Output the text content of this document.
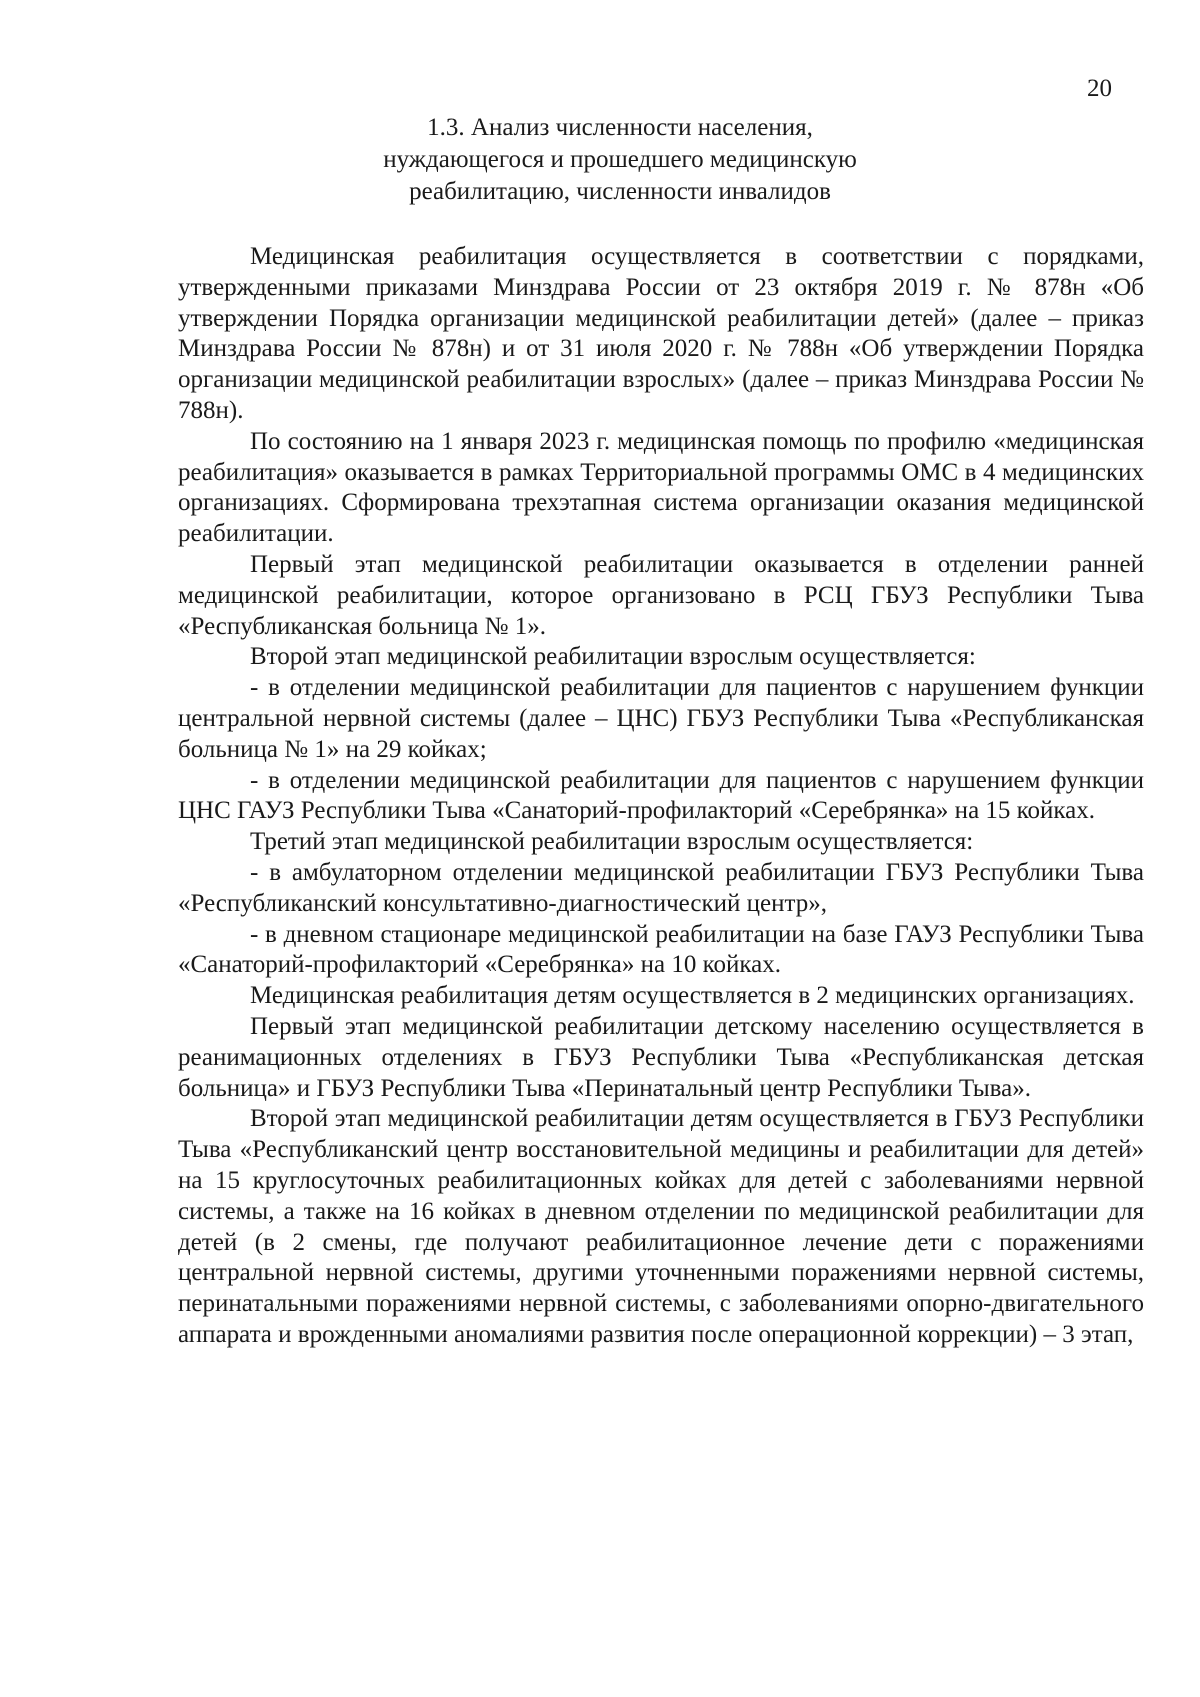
20
1.3. Анализ численности населения,
нуждающегося и прошедшего медицинскую
реабилитацию, численности инвалидов

Медицинская реабилитация осуществляется в соответствии с порядками, утвержденными приказами Минздрава России от 23 октября 2019 г. № 878н «Об утверждении Порядка организации медицинской реабилитации детей» (далее – приказ Минздрава России № 878н) и от 31 июля 2020 г. № 788н «Об утверждении Порядка организации медицинской реабилитации взрослых» (далее – приказ Минздрава России № 788н).

По состоянию на 1 января 2023 г. медицинская помощь по профилю «медицинская реабилитация» оказывается в рамках Территориальной программы ОМС в 4 медицинских организациях. Сформирована трехэтапная система организации оказания медицинской реабилитации.

Первый этап медицинской реабилитации оказывается в отделении ранней медицинской реабилитации, которое организовано в РСЦ ГБУЗ Республики Тыва «Республиканская больница № 1».

Второй этап медицинской реабилитации взрослым осуществляется:

- в отделении медицинской реабилитации для пациентов с нарушением функции центральной нервной системы (далее – ЦНС) ГБУЗ Республики Тыва «Республиканская больница № 1» на 29 койках;

- в отделении медицинской реабилитации для пациентов с нарушением функции ЦНС ГАУЗ Республики Тыва «Санаторий-профилакторий «Серебрянка» на 15 койках.

Третий этап медицинской реабилитации взрослым осуществляется:

- в амбулаторном отделении медицинской реабилитации ГБУЗ Республики Тыва «Республиканский консультативно-диагностический центр»,

- в дневном стационаре медицинской реабилитации на базе ГАУЗ Республики Тыва «Санаторий-профилакторий «Серебрянка» на 10 койках.

Медицинская реабилитация детям осуществляется в 2 медицинских организациях.

Первый этап медицинской реабилитации детскому населению осуществляется в реанимационных отделениях в ГБУЗ Республики Тыва «Республиканская детская больница» и ГБУЗ Республики Тыва «Перинатальный центр Республики Тыва».

Второй этап медицинской реабилитации детям осуществляется в ГБУЗ Республики Тыва «Республиканский центр восстановительной медицины и реабилитации для детей» на 15 круглосуточных реабилитационных койках для детей с заболеваниями нервной системы, а также на 16 койках в дневном отделении по медицинской реабилитации для детей (в 2 смены, где получают реабилитационное лечение дети с поражениями центральной нервной системы, другими уточненными поражениями нервной системы, перинатальными поражениями нервной системы, с заболеваниями опорно-двигательного аппарата и врожденными аномалиями развития после операционной коррекции) – 3 этап,
